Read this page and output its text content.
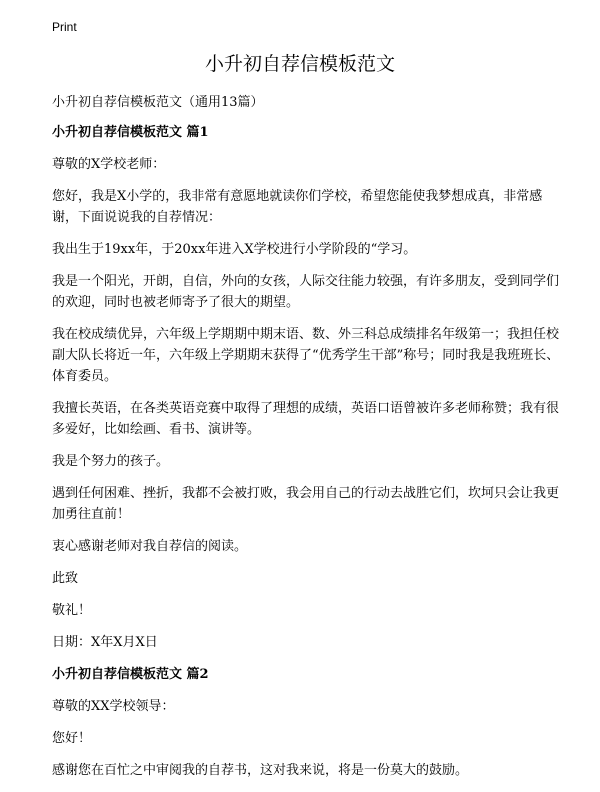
Print
小升初自荐信模板范文

小升初自荐信模板范文（通用13篇）

小升初自荐信模板范文 篇1

尊敬的X学校老师：

您好，我是X小学的，我非常有意愿地就读你们学校，希望您能使我梦想成真，非常感谢，下面说说我的自荐情况：

我出生于19xx年，于20xx年进入X学校进行小学阶段的“学习。

我是一个阳光，开朗，自信，外向的女孩，人际交往能力较强，有许多朋友，受到同学们的欢迎，同时也被老师寄予了很大的期望。

我在校成绩优异，六年级上学期期中期末语、数、外三科总成绩排名年级第一；我担任校副大队长将近一年，六年级上学期期末获得了“优秀学生干部”称号；同时我是我班班长、体育委员。

我擅长英语，在各类英语竞赛中取得了理想的成绩，英语口语曾被许多老师称赞；我有很多爱好，比如绘画、看书、演讲等。

我是个努力的孩子。

遇到任何困难、挫折，我都不会被打败，我会用自己的行动去战胜它们，坎坷只会让我更加勇往直前！

衷心感谢老师对我自荐信的阅读。

此致

敬礼！

日期：X年X月X日

小升初自荐信模板范文 篇2

尊敬的XX学校领导：

您好！

感谢您在百忙之中审阅我的自荐书，这对我来说，将是一份莫大的鼓励。
